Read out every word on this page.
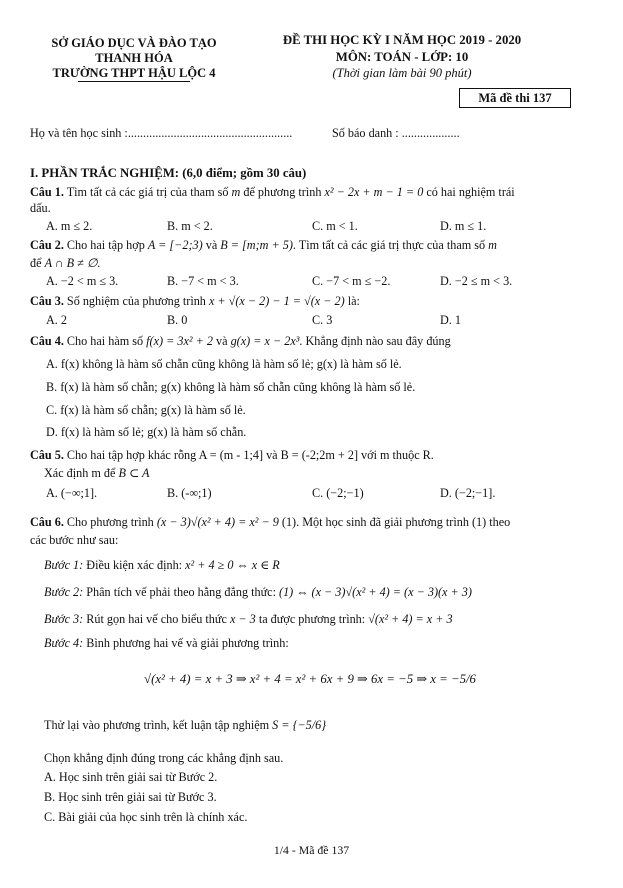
SỞ GIÁO DỤC VÀ ĐÀO TẠO
THANH HÓA
TRƯỜNG THPT HẬU LỘC 4
ĐỀ THI HỌC KỲ I NĂM HỌC 2019 - 2020
MÔN: TOÁN - LỚP: 10
(Thời gian làm bài 90 phút)
Mã đề thi 137
Họ và tên học sinh :......................................................	Số báo danh : ...................
I. PHẦN TRẮC NGHIỆM: (6,0 điểm; gồm 30 câu)
Câu 1. Tìm tất cả các giá trị của tham số m để phương trình x² − 2x + m − 1 = 0 có hai nghiệm trái
dấu.
A. m ≤ 2.	B. m < 2.	C. m < 1.	D. m ≤ 1.
Câu 2. Cho hai tập hợp A = [−2;3) và B = [m;m + 5). Tìm tất cả các giá trị thực của tham số m
để A ∩ B ≠ ∅.
A. −2 < m ≤ 3.	B. −7 < m < 3.	C. −7 < m ≤ −2.	D. −2 ≤ m < 3.
Câu 3. Số nghiệm của phương trình x + √(x − 2) − 1 = √(x − 2) là:
A. 2	B. 0	C. 3	D. 1
Câu 4. Cho hai hàm số f(x) = 3x² + 2 và g(x) = x − 2x³. Khẳng định nào sau đây đúng
A. f(x) không là hàm số chẵn cũng không là hàm số lẻ; g(x) là hàm số lẻ.
B. f(x) là hàm số chẵn; g(x) không là hàm số chẵn cũng không là hàm số lẻ.
C. f(x) là hàm số chẵn; g(x) là hàm số lẻ.
D. f(x) là hàm số lẻ; g(x) là hàm số chẵn.
Câu 5. Cho hai tập hợp khác rỗng A = (m - 1;4] và B = (-2;2m + 2] với m thuộc R.
Xác định m để B ⊂ A
A. (−∞;1].	B. (-∞;1)	C. (−2;−1)	D. (−2;−1].
Câu 6. Cho phương trình (x − 3)√(x² + 4) = x² − 9 (1). Một học sinh đã giải phương trình (1) theo
các bước như sau:
Bước 1: Điều kiện xác định: x² + 4 ≥ 0 ⇔ x ∈ R
Bước 2: Phân tích vế phải theo hằng đẳng thức: (1) ⇔ (x − 3)√(x² + 4) = (x − 3)(x + 3)
Bước 3: Rút gọn hai vế cho biểu thức x − 3 ta được phương trình: √(x² + 4) = x + 3
Bước 4: Bình phương hai vế và giải phương trình:
√(x² + 4) = x + 3 ⇒ x² + 4 = x² + 6x + 9 ⇒ 6x = −5 ⇒ x = −5/6
Thử lại vào phương trình, kết luận tập nghiệm S = {−5/6}
Chọn khẳng định đúng trong các khẳng định sau.
A. Học sinh trên giải sai từ Bước 2.
B. Học sinh trên giải sai từ Bước 3.
C. Bài giải của học sinh trên là chính xác.
1/4 - Mã đề 137
